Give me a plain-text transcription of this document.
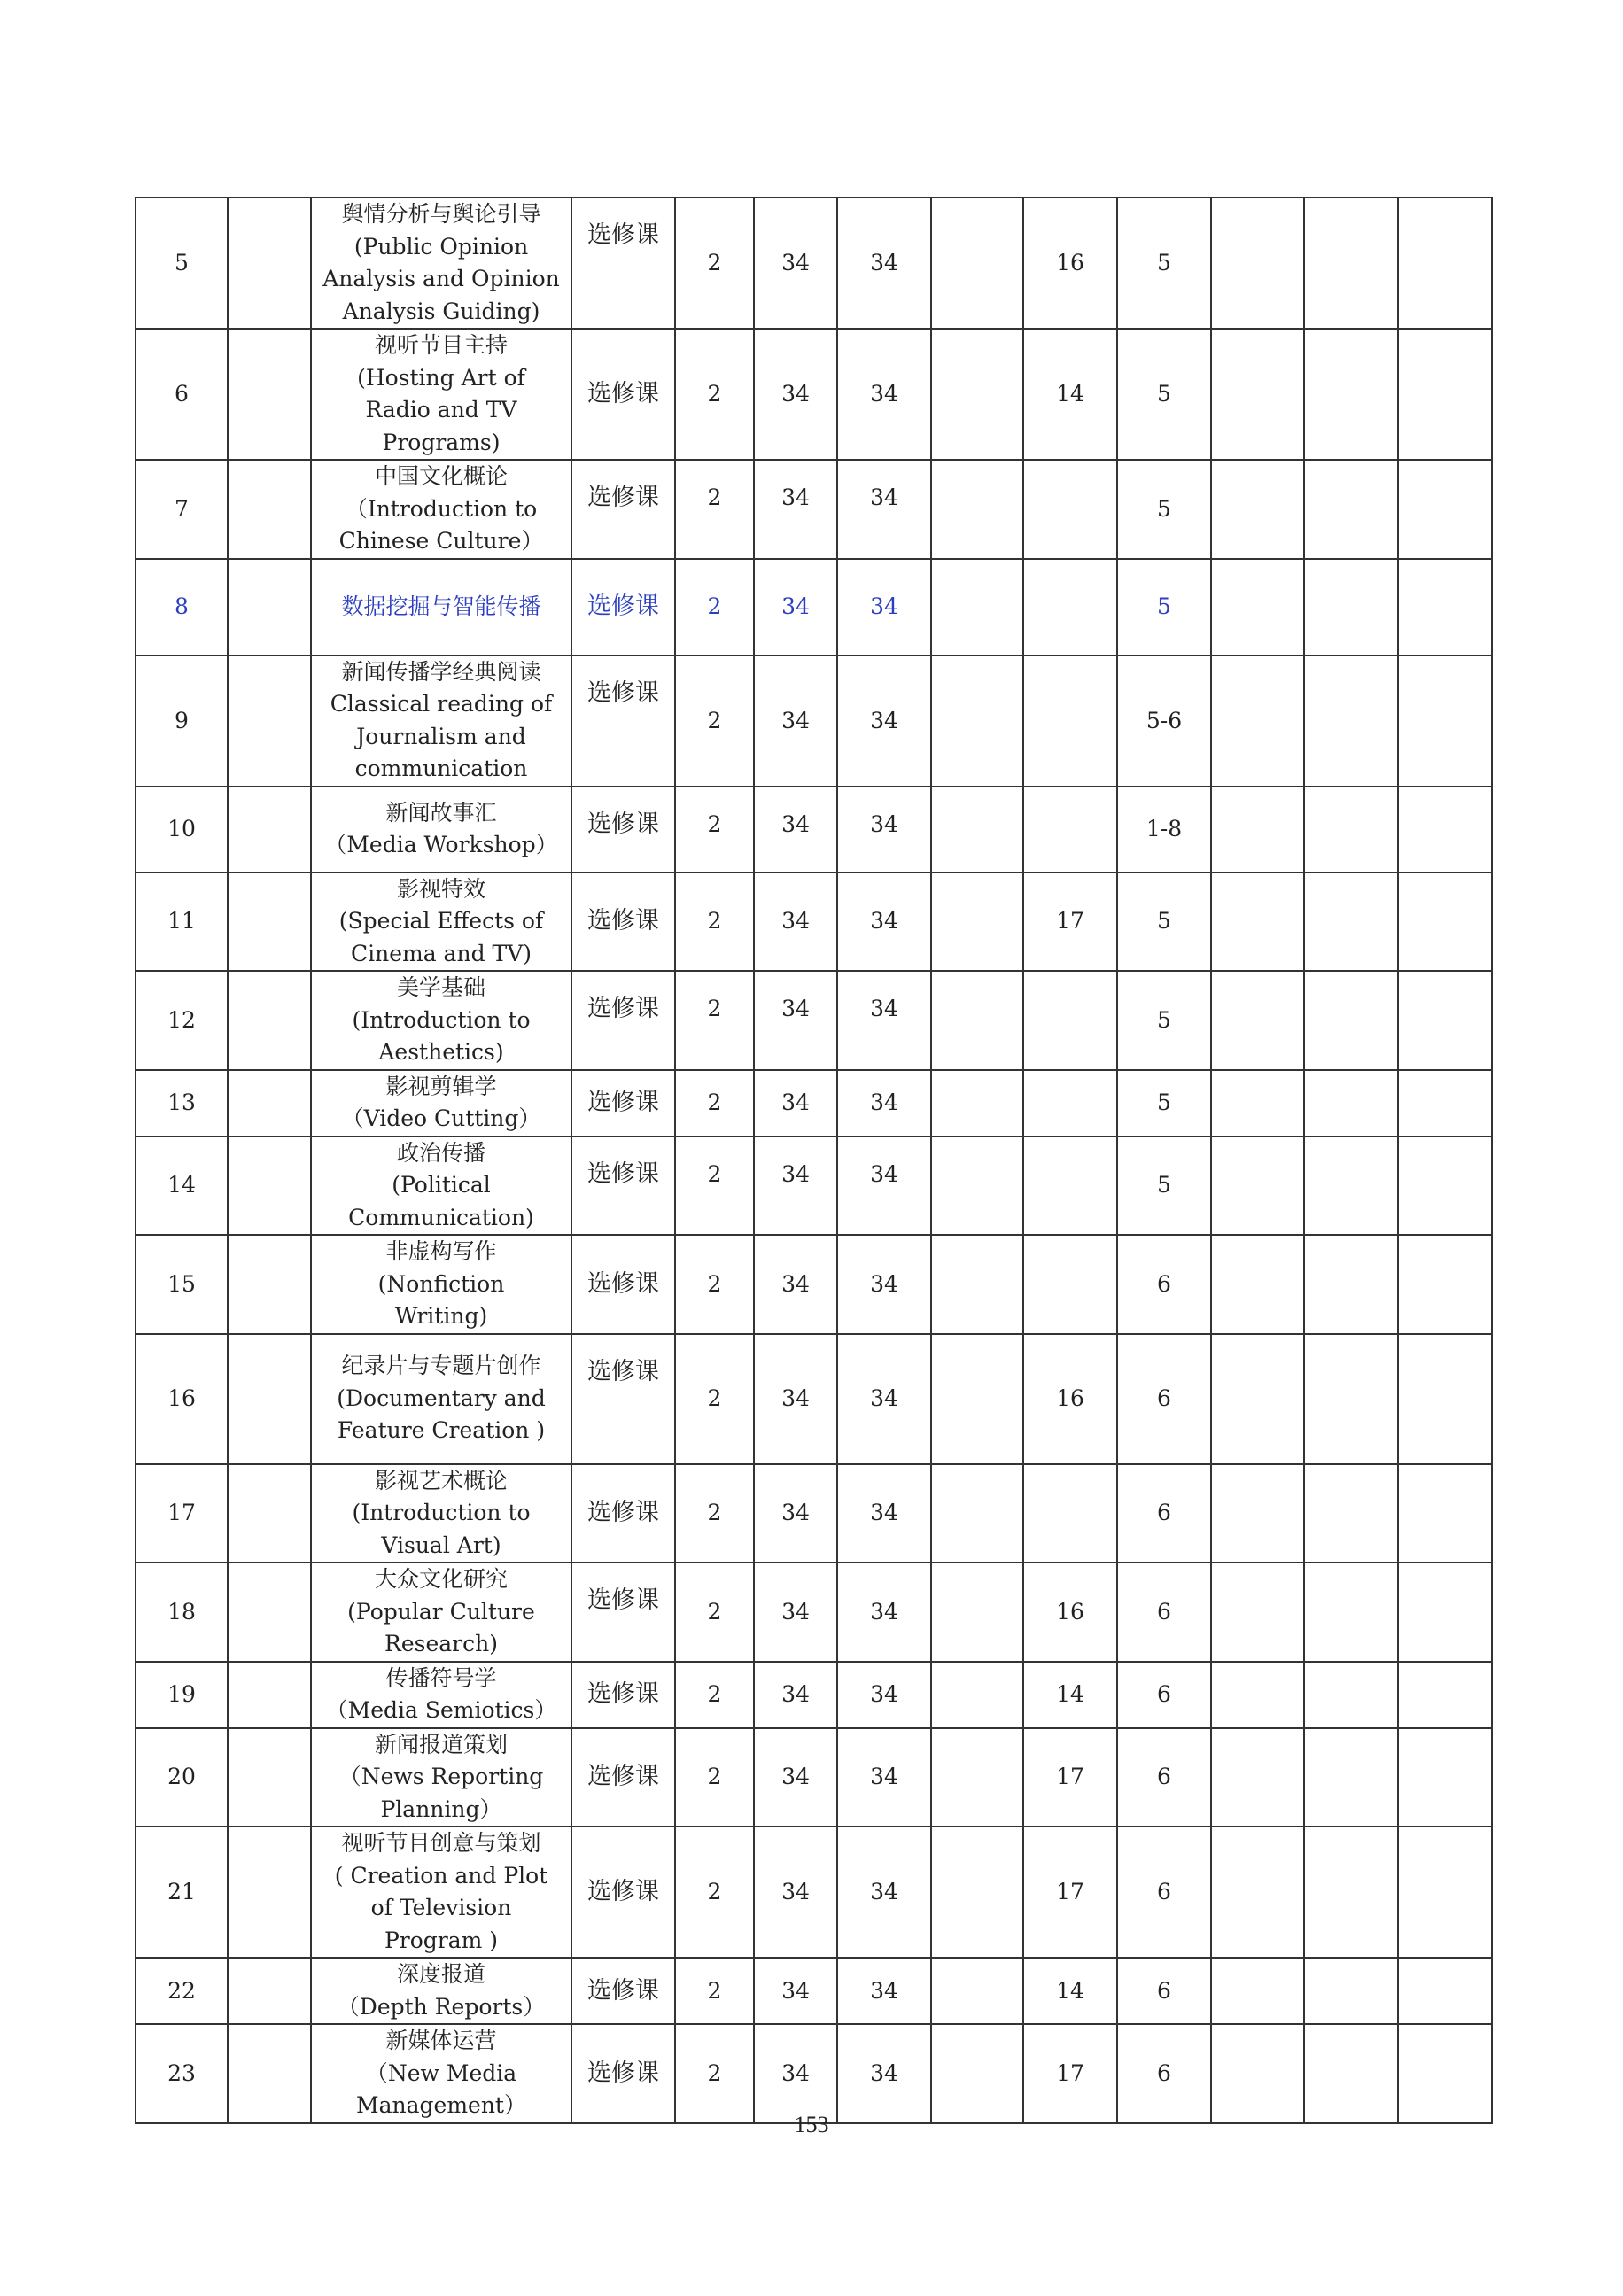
5		舆情分析与舆论引导
(Public Opinion
Analysis and Opinion
Analysis Guiding)	选修课	2	34	34		16	5			
6		视听节目主持
(Hosting Art of
Radio and TV
Programs)	选修课	2	34	34		14	5			
7		中国文化概论
（Introduction to
Chinese Culture）	选修课	2	34	34			5			
8		数据挖掘与智能传播	选修课	2	34	34			5			
9		新闻传播学经典阅读
Classical reading of
Journalism and
communication	选修课	2	34	34			5-6			
10		新闻故事汇
（Media Workshop）	选修课	2	34	34			1-8			
11		影视特效
(Special Effects of
Cinema and TV)	选修课	2	34	34		17	5			
12		美学基础
(Introduction to
Aesthetics)	选修课	2	34	34			5			
13		影视剪辑学
（Video Cutting）	选修课	2	34	34			5			
14		政治传播
(Political
Communication)	选修课	2	34	34			5			
15		非虚构写作
(Nonfiction
Writing)	选修课	2	34	34			6			
16		纪录片与专题片创作
(Documentary and
Feature Creation )	选修课	2	34	34		16	6			
17		影视艺术概论
(Introduction to
Visual Art)	选修课	2	34	34			6			
18		大众文化研究
(Popular Culture
Research)	选修课	2	34	34		16	6			
19		传播符号学
（Media Semiotics）	选修课	2	34	34		14	6			
20		新闻报道策划
（News Reporting
Planning）	选修课	2	34	34		17	6			
21		视听节目创意与策划
( Creation and Plot
of Television
Program )	选修课	2	34	34		17	6			
22		深度报道
（Depth Reports）	选修课	2	34	34		14	6			
23		新媒体运营
（New Media
Management）	选修课	2	34	34		17	6			
153
